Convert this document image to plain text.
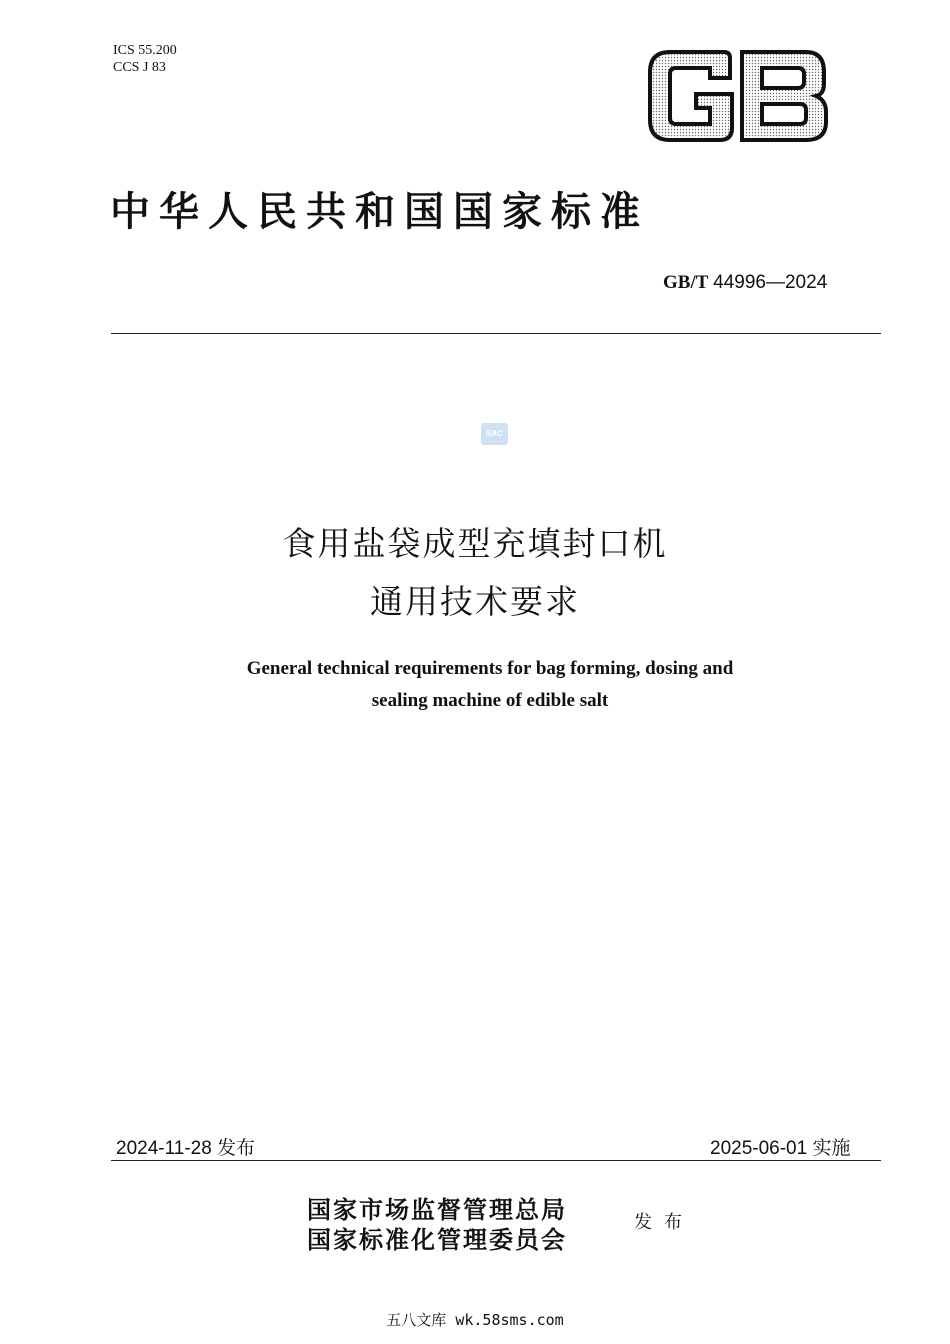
ICS 55.200
CCS J 83
中华人民共和国国家标准
GB/T 44996—2024
SAC
食用盐袋成型充填封口机
通用技术要求
General technical requirements for bag forming, dosing and
sealing machine of edible salt
2024-11-28 发布	2025-06-01 实施
国家市场监督管理总局
国家标准化管理委员会
发布
五八文库 wk.58sms.com
